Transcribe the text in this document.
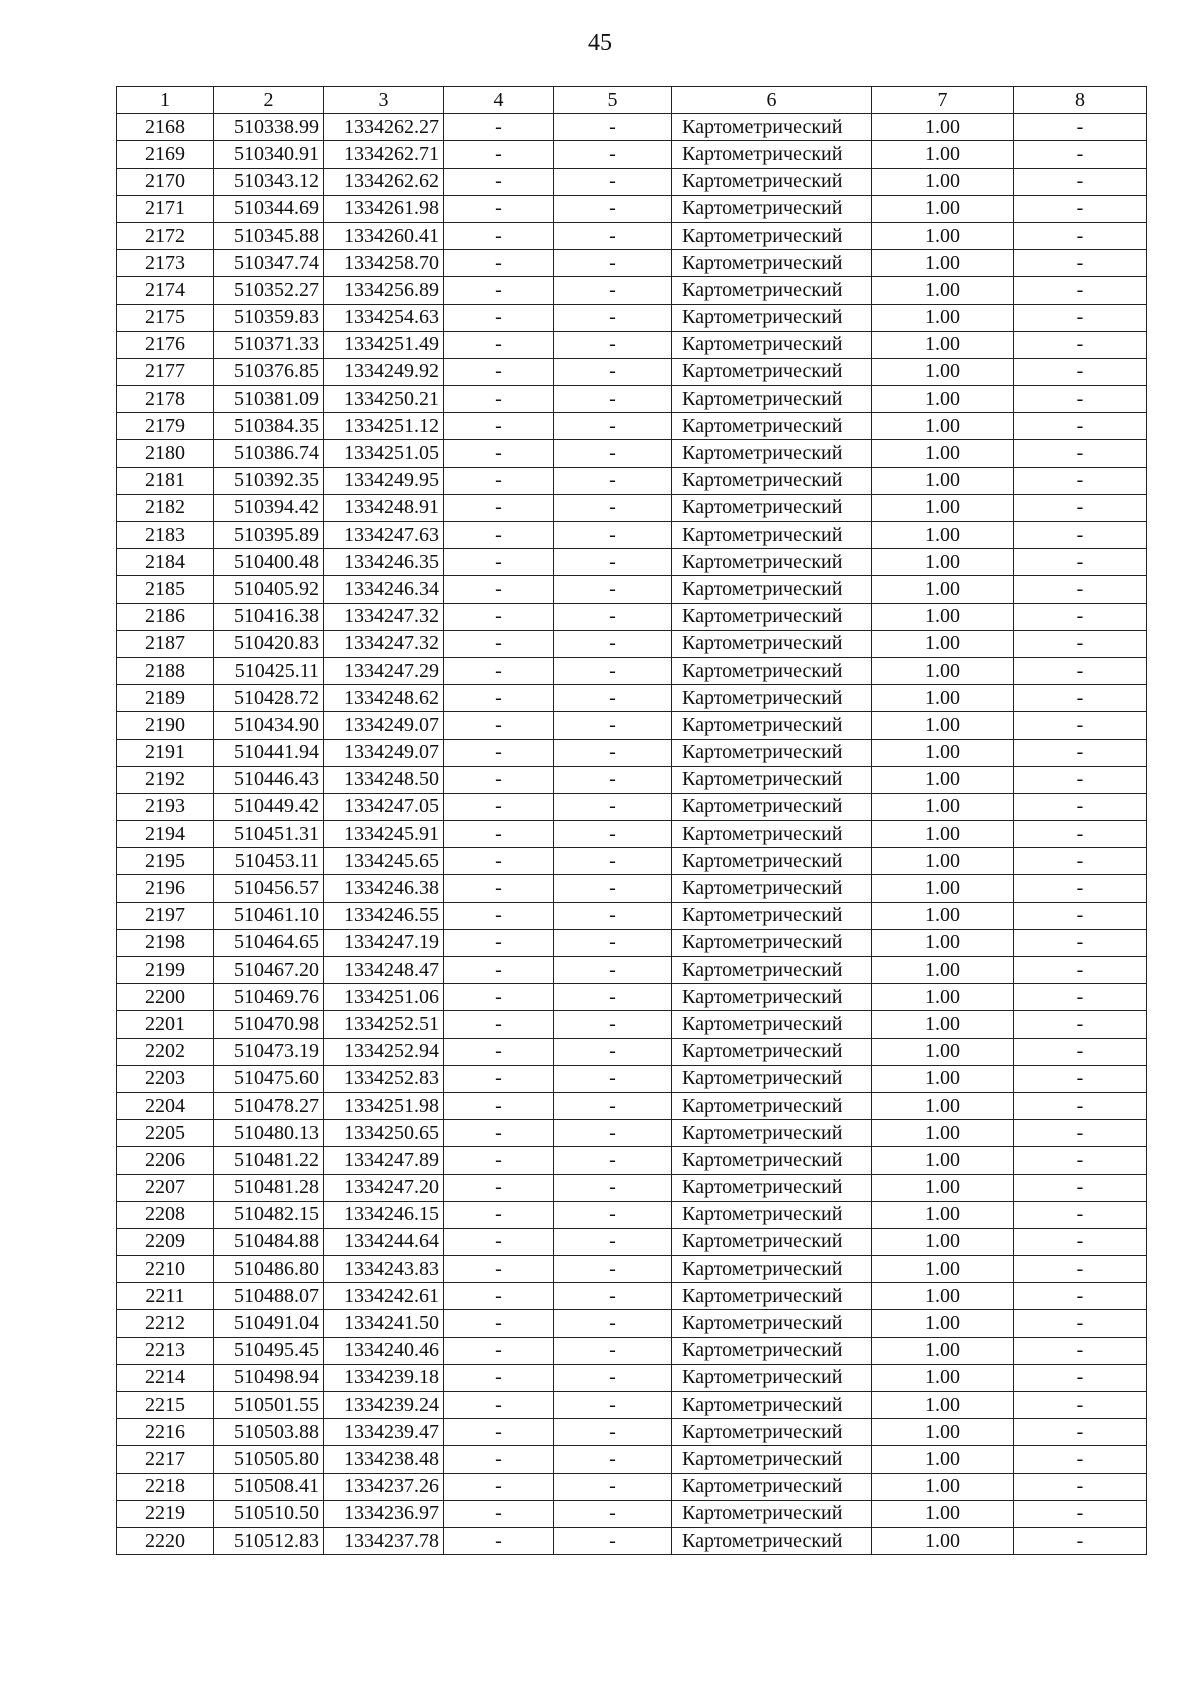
45
1	2	3	4	5	6	7	8
2168	510338.99	1334262.27	-	-	Картометрический	1.00	-
2169	510340.91	1334262.71	-	-	Картометрический	1.00	-
2170	510343.12	1334262.62	-	-	Картометрический	1.00	-
2171	510344.69	1334261.98	-	-	Картометрический	1.00	-
2172	510345.88	1334260.41	-	-	Картометрический	1.00	-
2173	510347.74	1334258.70	-	-	Картометрический	1.00	-
2174	510352.27	1334256.89	-	-	Картометрический	1.00	-
2175	510359.83	1334254.63	-	-	Картометрический	1.00	-
2176	510371.33	1334251.49	-	-	Картометрический	1.00	-
2177	510376.85	1334249.92	-	-	Картометрический	1.00	-
2178	510381.09	1334250.21	-	-	Картометрический	1.00	-
2179	510384.35	1334251.12	-	-	Картометрический	1.00	-
2180	510386.74	1334251.05	-	-	Картометрический	1.00	-
2181	510392.35	1334249.95	-	-	Картометрический	1.00	-
2182	510394.42	1334248.91	-	-	Картометрический	1.00	-
2183	510395.89	1334247.63	-	-	Картометрический	1.00	-
2184	510400.48	1334246.35	-	-	Картометрический	1.00	-
2185	510405.92	1334246.34	-	-	Картометрический	1.00	-
2186	510416.38	1334247.32	-	-	Картометрический	1.00	-
2187	510420.83	1334247.32	-	-	Картометрический	1.00	-
2188	510425.11	1334247.29	-	-	Картометрический	1.00	-
2189	510428.72	1334248.62	-	-	Картометрический	1.00	-
2190	510434.90	1334249.07	-	-	Картометрический	1.00	-
2191	510441.94	1334249.07	-	-	Картометрический	1.00	-
2192	510446.43	1334248.50	-	-	Картометрический	1.00	-
2193	510449.42	1334247.05	-	-	Картометрический	1.00	-
2194	510451.31	1334245.91	-	-	Картометрический	1.00	-
2195	510453.11	1334245.65	-	-	Картометрический	1.00	-
2196	510456.57	1334246.38	-	-	Картометрический	1.00	-
2197	510461.10	1334246.55	-	-	Картометрический	1.00	-
2198	510464.65	1334247.19	-	-	Картометрический	1.00	-
2199	510467.20	1334248.47	-	-	Картометрический	1.00	-
2200	510469.76	1334251.06	-	-	Картометрический	1.00	-
2201	510470.98	1334252.51	-	-	Картометрический	1.00	-
2202	510473.19	1334252.94	-	-	Картометрический	1.00	-
2203	510475.60	1334252.83	-	-	Картометрический	1.00	-
2204	510478.27	1334251.98	-	-	Картометрический	1.00	-
2205	510480.13	1334250.65	-	-	Картометрический	1.00	-
2206	510481.22	1334247.89	-	-	Картометрический	1.00	-
2207	510481.28	1334247.20	-	-	Картометрический	1.00	-
2208	510482.15	1334246.15	-	-	Картометрический	1.00	-
2209	510484.88	1334244.64	-	-	Картометрический	1.00	-
2210	510486.80	1334243.83	-	-	Картометрический	1.00	-
2211	510488.07	1334242.61	-	-	Картометрический	1.00	-
2212	510491.04	1334241.50	-	-	Картометрический	1.00	-
2213	510495.45	1334240.46	-	-	Картометрический	1.00	-
2214	510498.94	1334239.18	-	-	Картометрический	1.00	-
2215	510501.55	1334239.24	-	-	Картометрический	1.00	-
2216	510503.88	1334239.47	-	-	Картометрический	1.00	-
2217	510505.80	1334238.48	-	-	Картометрический	1.00	-
2218	510508.41	1334237.26	-	-	Картометрический	1.00	-
2219	510510.50	1334236.97	-	-	Картометрический	1.00	-
2220	510512.83	1334237.78	-	-	Картометрический	1.00	-
